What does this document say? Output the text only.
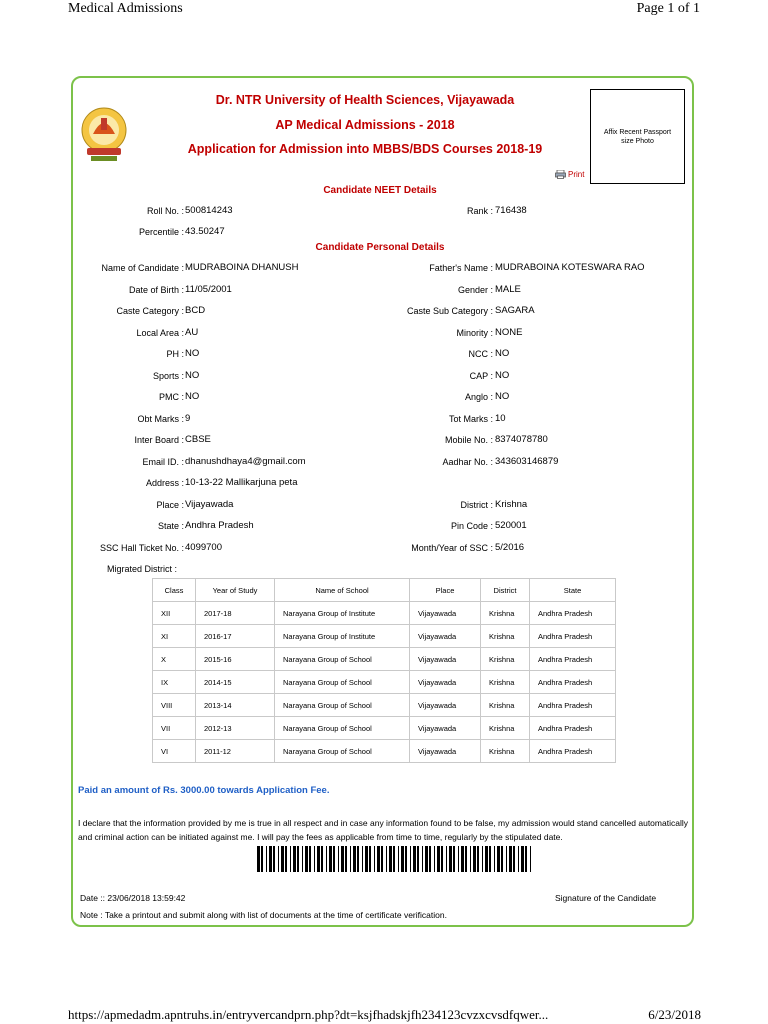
Medical Admissions	Page 1 of 1
https://apmedadm.apntruhs.in/entryvercandprn.php?dt=ksjfhadskjfh234123cvzxcvsdfqwer...	6/23/2018
Dr. NTR University of Health Sciences, Vijayawada
AP Medical Admissions - 2018
Application for Admission into MBBS/BDS Courses 2018-19
Affix Recent Passport size Photo
Print
Candidate NEET Details
Roll No. : 500814243	Rank : 716438
Percentile : 43.50247
Candidate Personal Details
Name of Candidate : MUDRABOINA DHANUSH	Father's Name : MUDRABOINA KOTESWARA RAO
Date of Birth : 11/05/2001	Gender : MALE
Caste Category : BCD	Caste Sub Category : SAGARA
Local Area : AU	Minority : NONE
PH : NO	NCC : NO
Sports : NO	CAP : NO
PMC : NO	Anglo : NO
Obt Marks : 9	Tot Marks : 10
Inter Board : CBSE	Mobile No. : 8374078780
Email ID. : dhanushdhaya4@gmail.com	Aadhar No. : 343603146879
Address : 10-13-22 Mallikarjuna peta
Place : Vijayawada	District : Krishna
State : Andhra Pradesh	Pin Code : 520001
SSC Hall Ticket No. : 4099700	Month/Year of SSC : 5/2016
Migrated District :
Class	Year of Study	Name of School	Place	District	State
XII	2017-18	Narayana Group of Institute	Vijayawada	Krishna	Andhra Pradesh
XI	2016-17	Narayana Group of Institute	Vijayawada	Krishna	Andhra Pradesh
X	2015-16	Narayana Group of School	Vijayawada	Krishna	Andhra Pradesh
IX	2014-15	Narayana Group of School	Vijayawada	Krishna	Andhra Pradesh
VIII	2013-14	Narayana Group of School	Vijayawada	Krishna	Andhra Pradesh
VII	2012-13	Narayana Group of School	Vijayawada	Krishna	Andhra Pradesh
VI	2011-12	Narayana Group of School	Vijayawada	Krishna	Andhra Pradesh
Paid an amount of Rs. 3000.00 towards Application Fee.
I declare that the information provided by me is true in all respect and in case any information found to be false, my admission would stand cancelled automatically and criminal action can be initiated against me. I will pay the fees as applicable from time to time, regularly by the stipulated date.
Date :: 23/06/2018 13:59:42	Signature of the Candidate
Note : Take a printout and submit along with list of documents at the time of certificate verification.
